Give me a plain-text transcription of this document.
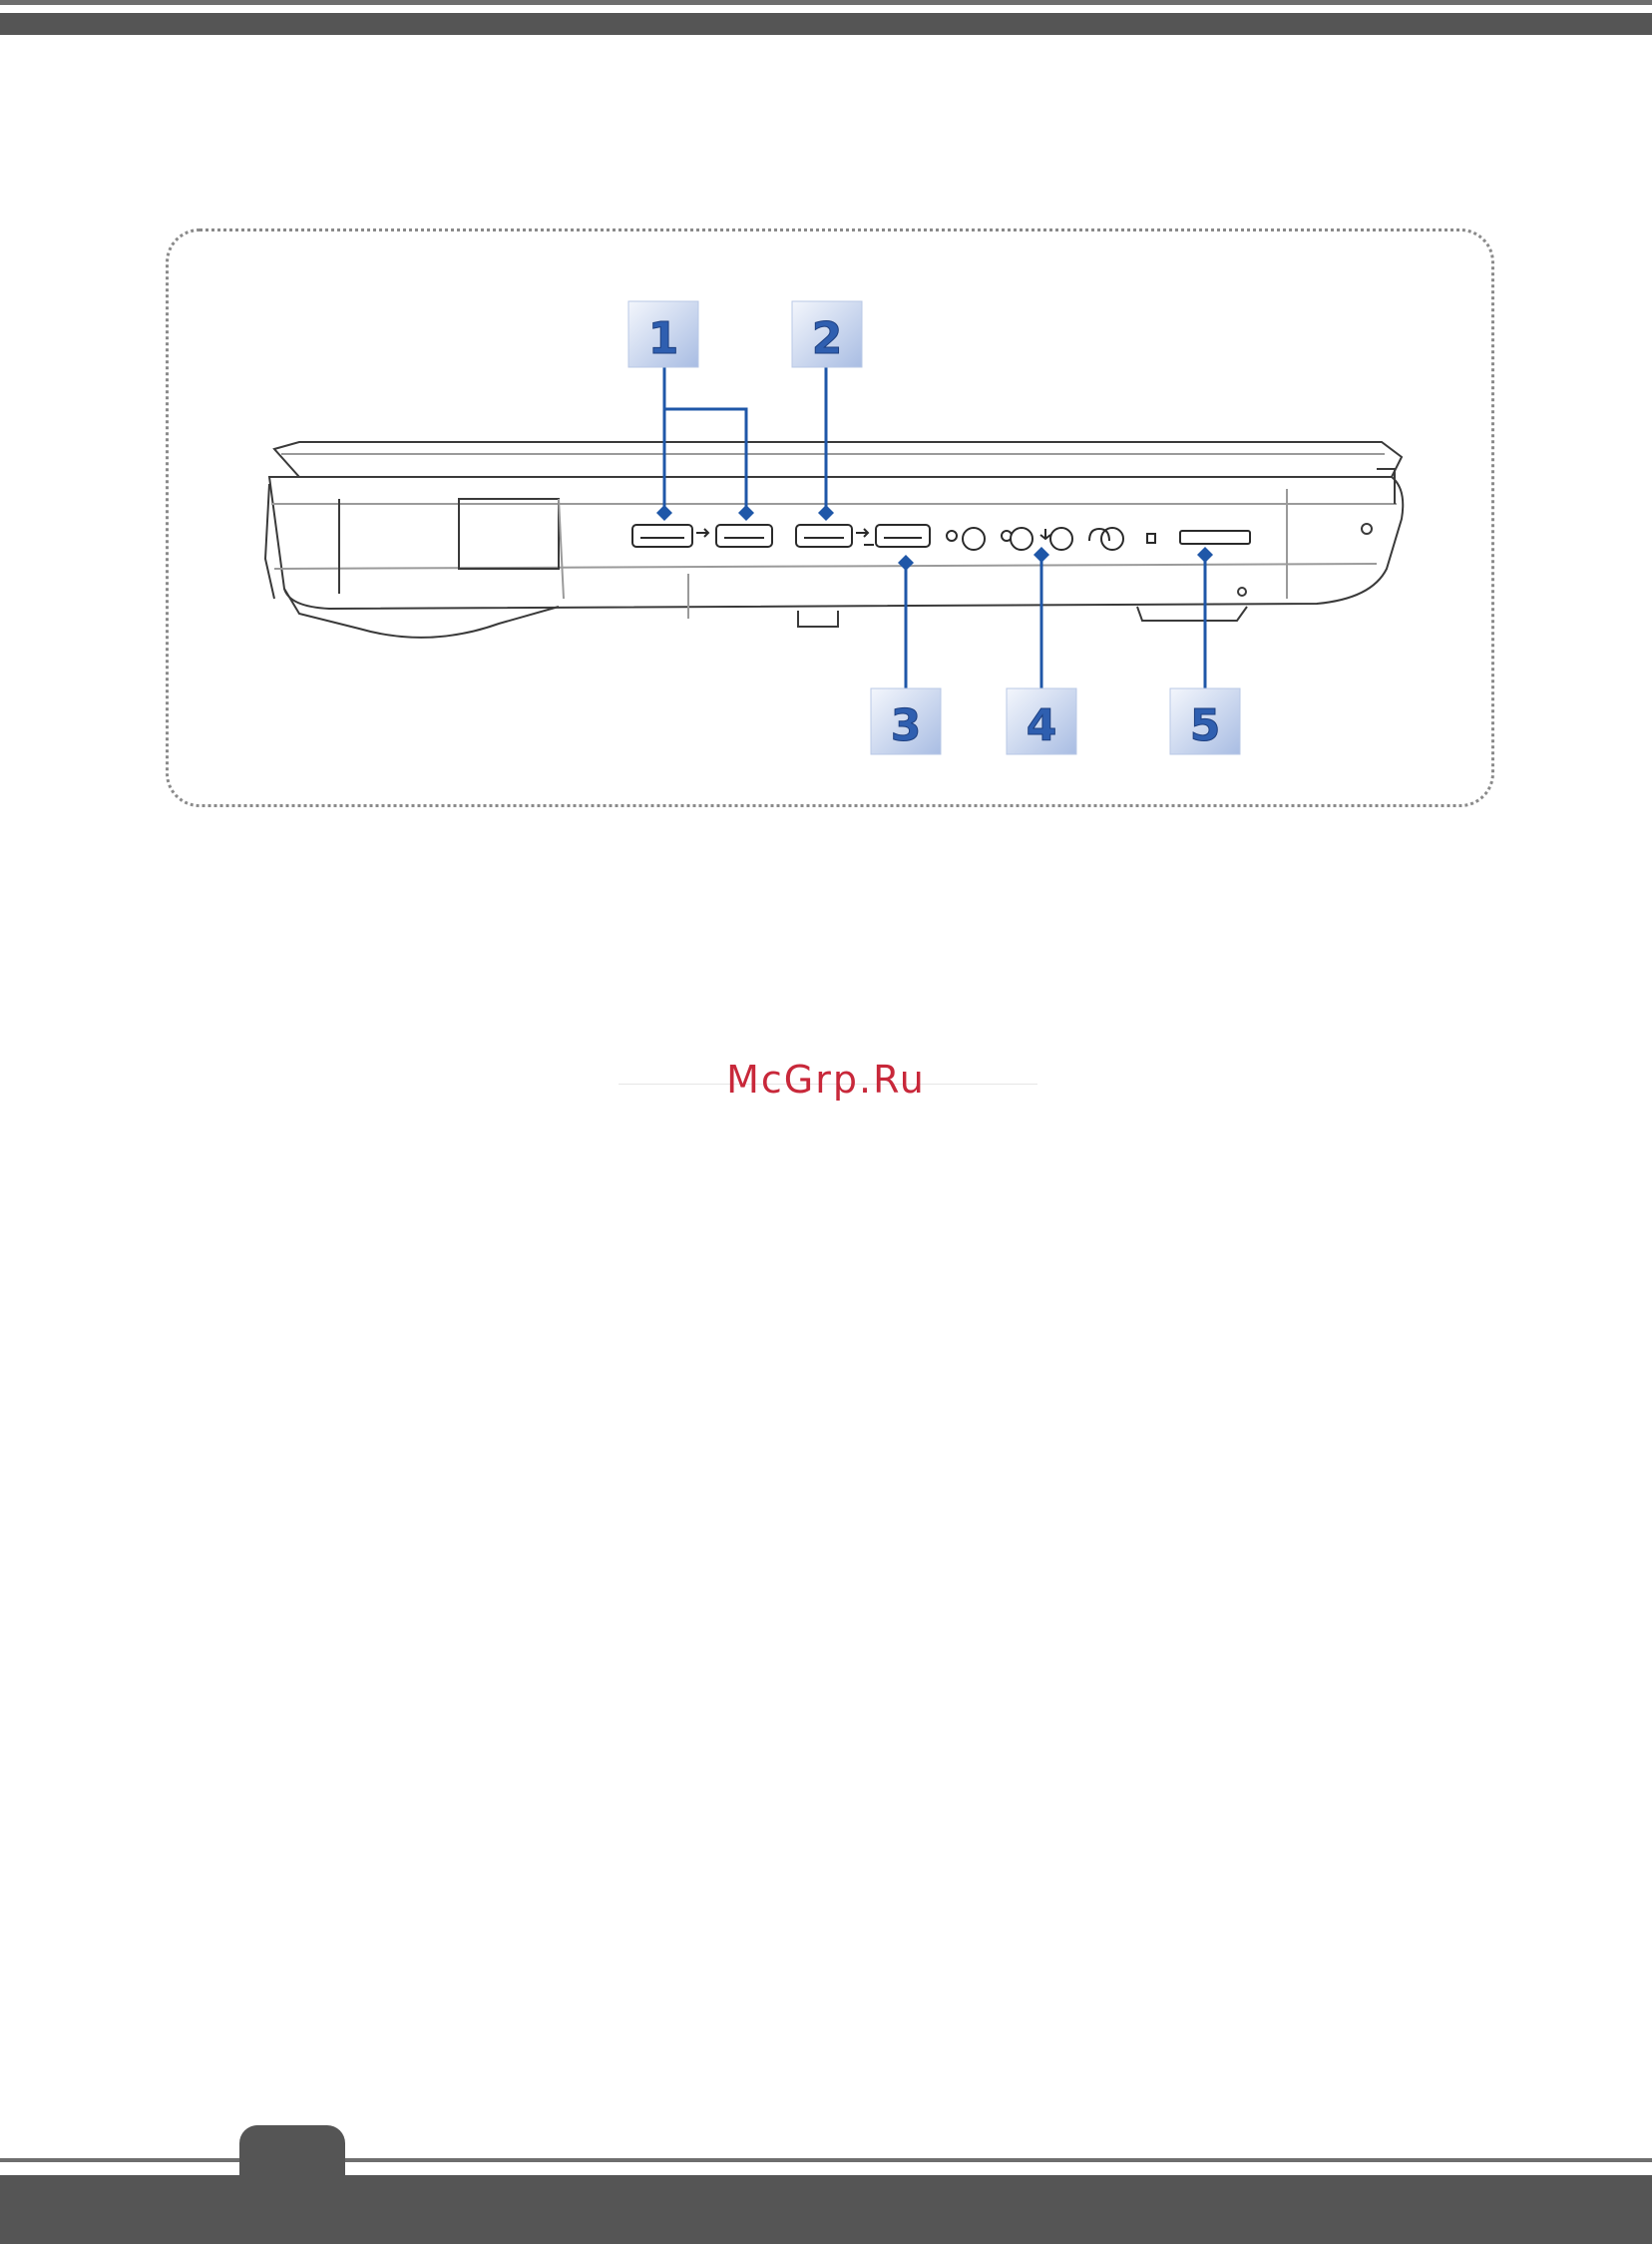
1	2
3 4	5
McGrp.Ru
